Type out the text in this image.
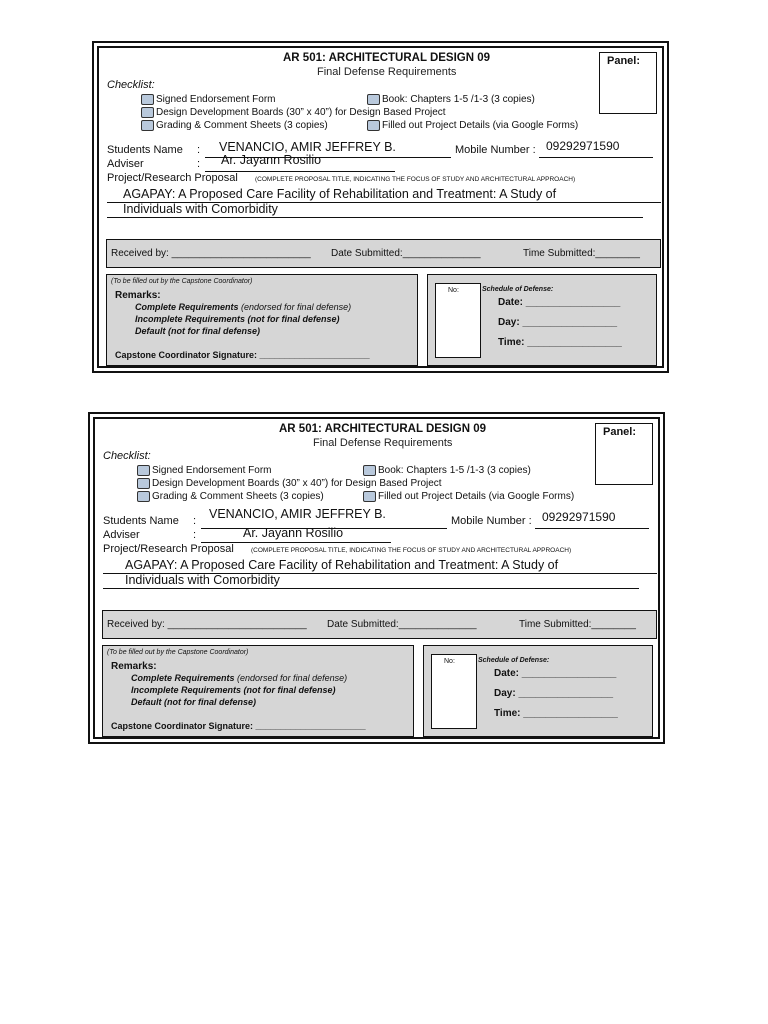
AR 501: ARCHITECTURAL DESIGN 09
Final Defense Requirements
Panel:
Checklist:
Signed Endorsement Form	Book: Chapters 1-5 /1-3 (3 copies)
Design Development Boards (30” x 40”) for Design Based Project
Grading & Comment Sheets (3 copies)	Filled out Project Details (via Google Forms)
Students Name : VENANCIO, AMIR JEFFREY B.	Mobile Number : 09292971590
Adviser	: Ar. Jayann Rosilio
Project/Research Proposal	(COMPLETE PROPOSAL TITLE, INDICATING THE FOCUS OF STUDY AND ARCHITECTURAL APPROACH)
AGAPAY: A Proposed Care Facility of Rehabilitation and Treatment: A Study of
Individuals with Comorbidity
Received by: _________________________ Date Submitted:______________	Time Submitted:________
(To be filled out by the Capstone Coordinator)
Remarks:
Complete Requirements (endorsed for final defense)
Incomplete Requirements (not for final defense)
Default (not for final defense)
Capstone Coordinator Signature: ______________________
No:	Schedule of Defense:
Date: _________________
Day: _________________
Time: _________________
AR 501: ARCHITECTURAL DESIGN 09
Final Defense Requirements
Panel:
Checklist:
Signed Endorsement Form	Book: Chapters 1-5 /1-3 (3 copies)
Design Development Boards (30” x 40”) for Design Based Project
Grading & Comment Sheets (3 copies)	Filled out Project Details (via Google Forms)
Students Name : VENANCIO, AMIR JEFFREY B.	Mobile Number : 09292971590
Adviser	:	Ar. Jayann Rosilio
Project/Research Proposal	(COMPLETE PROPOSAL TITLE, INDICATING THE FOCUS OF STUDY AND ARCHITECTURAL APPROACH)
AGAPAY: A Proposed Care Facility of Rehabilitation and Treatment: A Study of
Individuals with Comorbidity
Received by: _________________________ Date Submitted:______________	Time Submitted:________
(To be filled out by the Capstone Coordinator)
Remarks:
Complete Requirements (endorsed for final defense)
Incomplete Requirements (not for final defense)
Default (not for final defense)
Capstone Coordinator Signature: ______________________
No:	Schedule of Defense:
Date: _________________
Day: _________________
Time: _________________
